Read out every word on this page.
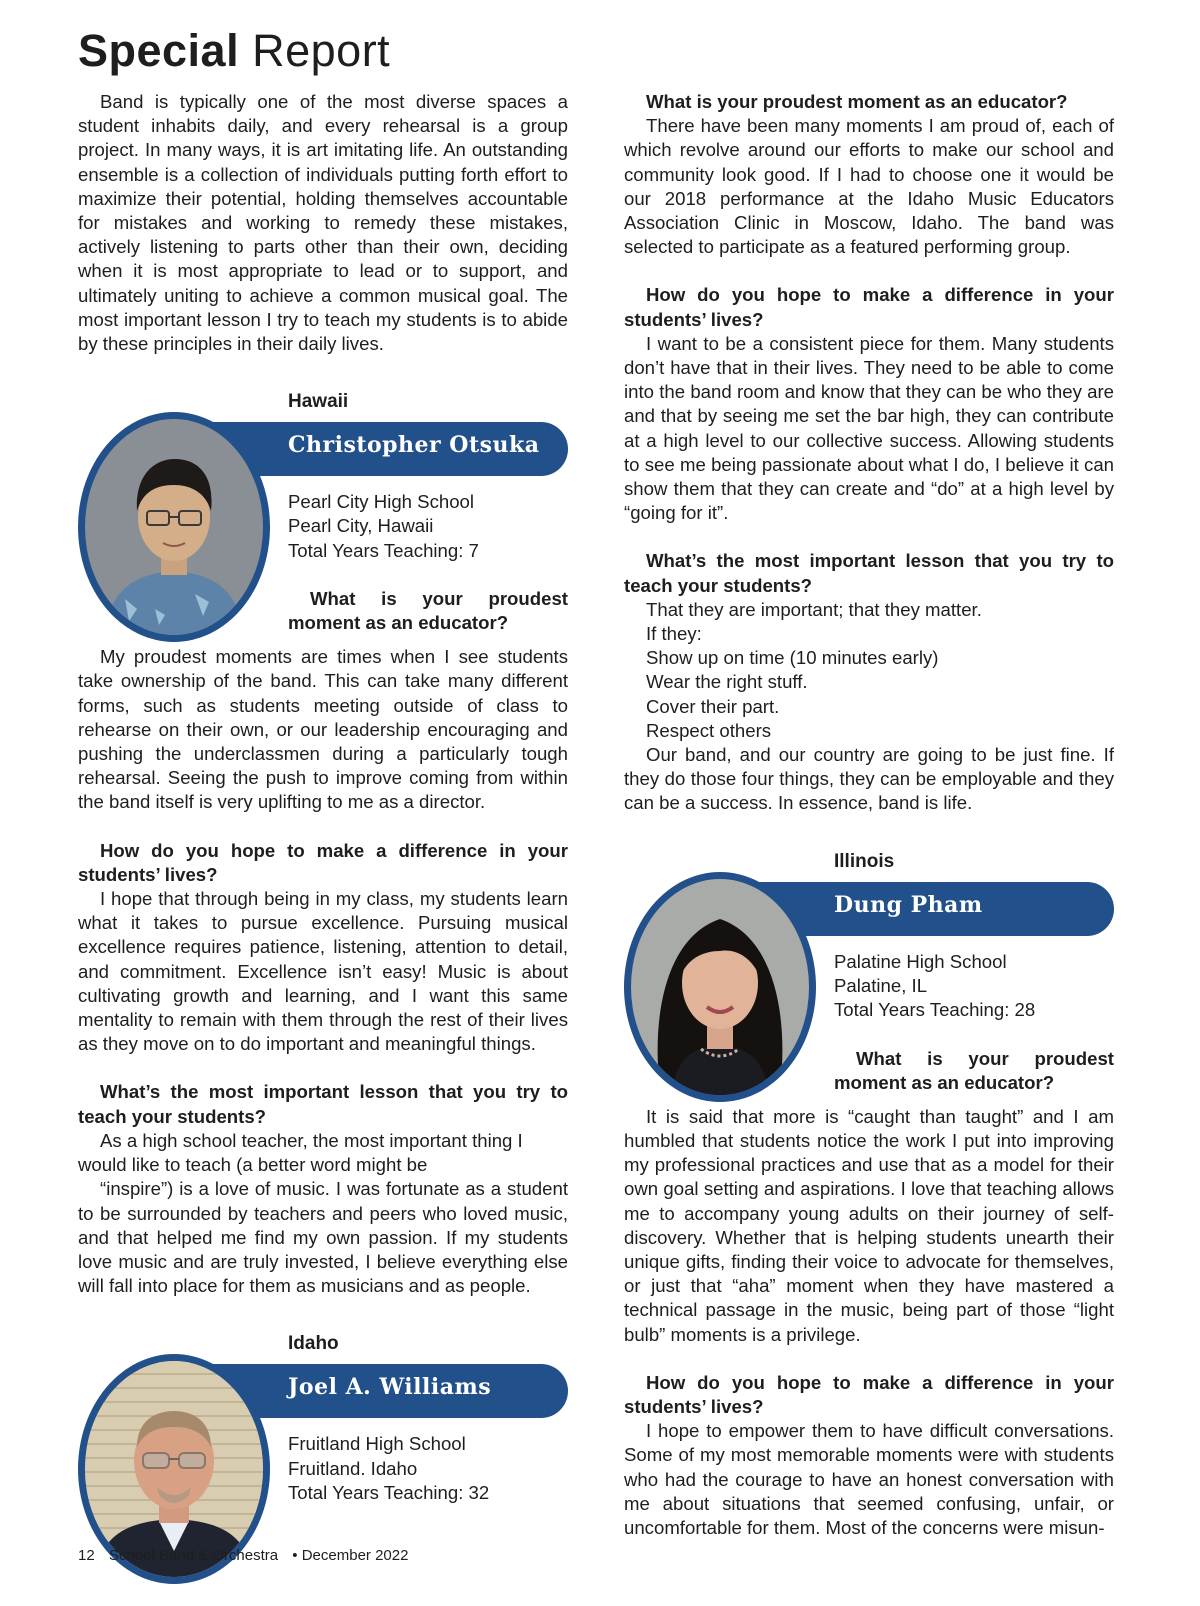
Special Report
Band is typically one of the most diverse spaces a student inhabits daily, and every rehearsal is a group project. In many ways, it is art imitating life. An outstanding ensemble is a collection of individuals putting forth effort to maximize their potential, holding themselves accountable for mistakes and working to remedy these mistakes, actively listening to parts other than their own, deciding when it is most appropriate to lead or to support, and ultimately uniting to achieve a common musical goal. The most important lesson I try to teach my students is to abide by these principles in their daily lives.
Hawaii
Christopher Otsuka
Pearl City High School
Pearl City, Hawaii
Total Years Teaching: 7
What is your proudest moment as an educator?
My proudest moments are times when I see students take ownership of the band. This can take many different forms, such as students meeting outside of class to rehearse on their own, or our leadership encouraging and pushing the underclassmen during a particularly tough rehearsal. Seeing the push to improve coming from within the band itself is very uplifting to me as a director.
How do you hope to make a difference in your students’ lives?
I hope that through being in my class, my students learn what it takes to pursue excellence. Pursuing musical excellence requires patience, listening, attention to detail, and commitment. Excellence isn’t easy! Music is about cultivating growth and learning, and I want this same mentality to remain with them through the rest of their lives as they move on to do important and meaningful things.
What’s the most important lesson that you try to teach your students?
As a high school teacher, the most important thing I would like to teach (a better word might be
“inspire”) is a love of music. I was fortunate as a student to be surrounded by teachers and peers who loved music, and that helped me find my own passion. If my students love music and are truly invested, I believe everything else will fall into place for them as musicians and as people.
Idaho
Joel A. Williams
Fruitland High School
Fruitland. Idaho
Total Years Teaching: 32
What is your proudest moment as an educator?
There have been many moments I am proud of, each of which revolve around our efforts to make our school and community look good. If I had to choose one it would be our 2018 performance at the Idaho Music Educators Association Clinic in Moscow, Idaho. The band was selected to participate as a featured performing group.
How do you hope to make a difference in your students’ lives?
I want to be a consistent piece for them. Many students don’t have that in their lives. They need to be able to come into the band room and know that they can be who they are and that by seeing me set the bar high, they can contribute at a high level to our collective success. Allowing students to see me being passionate about what I do, I believe it can show them that they can create and “do” at a high level by “going for it”.
What’s the most important lesson that you try to teach your students?
That they are important; that they matter.
If they:
Show up on time (10 minutes early)
Wear the right stuff.
Cover their part.
Respect others
Our band, and our country are going to be just fine. If they do those four things, they can be employable and they can be a success. In essence, band is life.
Illinois
Dung Pham
Palatine High School
Palatine, IL
Total Years Teaching: 28
What is your proudest moment as an educator?
It is said that more is “caught than taught” and I am humbled that students notice the work I put into improving my professional practices and use that as a model for their own goal setting and aspirations. I love that teaching allows me to accompany young adults on their journey of self-discovery. Whether that is helping students unearth their unique gifts, finding their voice to advocate for themselves, or just that “aha” moment when they have mastered a technical passage in the music, being part of those “light bulb” moments is a privilege.
How do you hope to make a difference in your students’ lives?
I hope to empower them to have difficult conversations. Some of my most memorable moments were with students who had the courage to have an honest conversation with me about situations that seemed confusing, unfair, or uncomfortable for them. Most of the concerns were misun-
12 School Band & Orchestra • December 2022
